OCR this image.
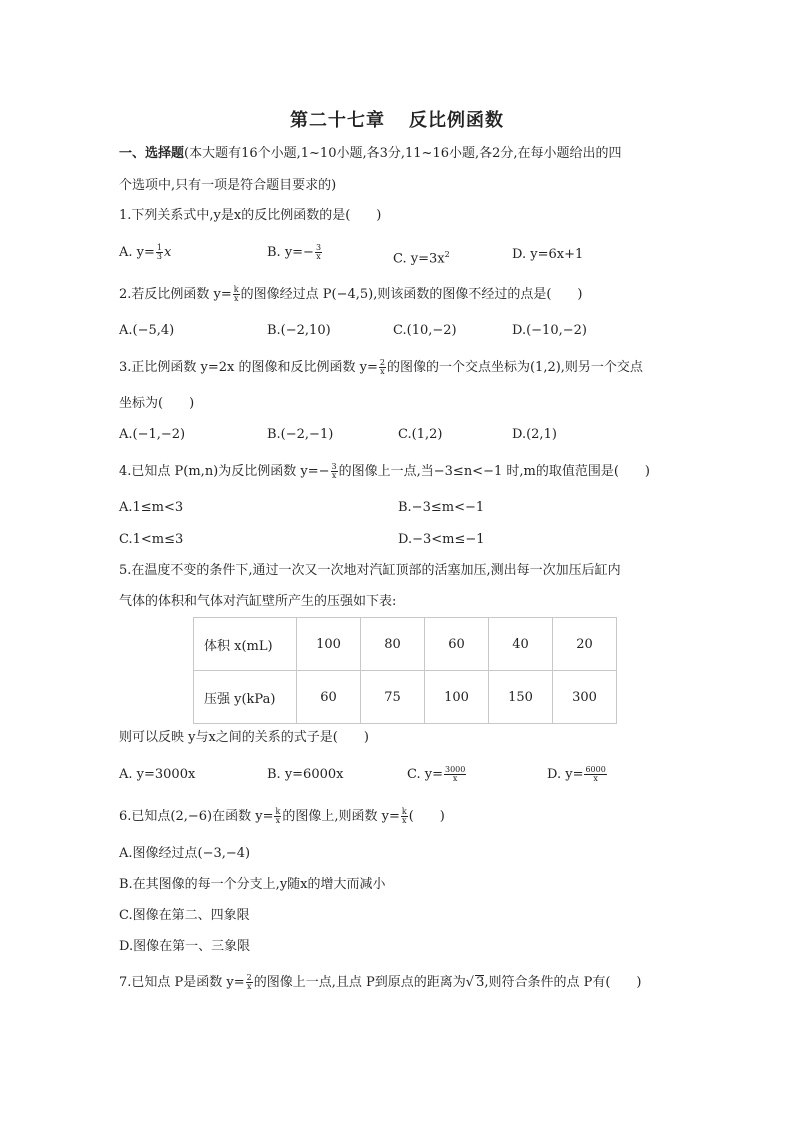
第二十七章 反比例函数
一、选择题(本大题有16个小题,1~10小题,各3分,11~16小题,各2分,在每小题给出的四
个选项中,只有一项是符合题目要求的)
1.下列关系式中,y是x的反比例函数的是(　　)
A. $y= \frac{1}{3}$ x	B. $y=- \frac{3}{x}$	C. $y=3x^2$	D. y=6x+1
2.若反比例函数 $y= \frac{k}{x}$ 的图像经过点 P(−4,5),则该函数的图像不经过的点是(　　)
A.(−5,4)	B.(−2,10)	C.(10,−2)	D.(−10,−2)
3.正比例函数 y=2x 的图像和反比例函数 $y= \frac{2}{x}$ 的图像的一个交点坐标为(1,2),则另一个交点
坐标为(　　)
A.(−1,−2)	B.(−2,−1)	C.(1,2)	D.(2,1)
4.已知点 P(m,n)为反比例函数 $y=- \frac{3}{x}$ 的图像上一点,当−3≤n<−1 时,m的取值范围是(　　)
A.1≤m<3	B.−3≤m<−1
C.1<m≤3	D.−3<m≤−1
5.在温度不变的条件下,通过一次又一次地对汽缸顶部的活塞加压,测出每一次加压后缸内
气体的体积和气体对汽缸壁所产生的压强如下表:
体积 x(mL)	100	80	60	40	20
压强 y(kPa)	60	75	100	150	300
则可以反映 y与x之间的关系的式子是(　　)
A. y=3000x	B. y=6000x	C. $y= \frac{3000}{x}$	D. $y= \frac{6000}{x}$
6.已知点(2,−6)在函数 $y= \frac{k}{x}$ 的图像上,则函数 $y= \frac{k}{x}$ (　　)
A.图像经过点(−3,−4)
B.在其图像的每一个分支上,y随x的增大而减小
C.图像在第二、四象限
D.图像在第一、三象限
7.已知点 P是函数 $y= \frac{2}{x}$ 的图像上一点,且点 P到原点的距离为√ 3,则符合条件的点 P有(　　)
